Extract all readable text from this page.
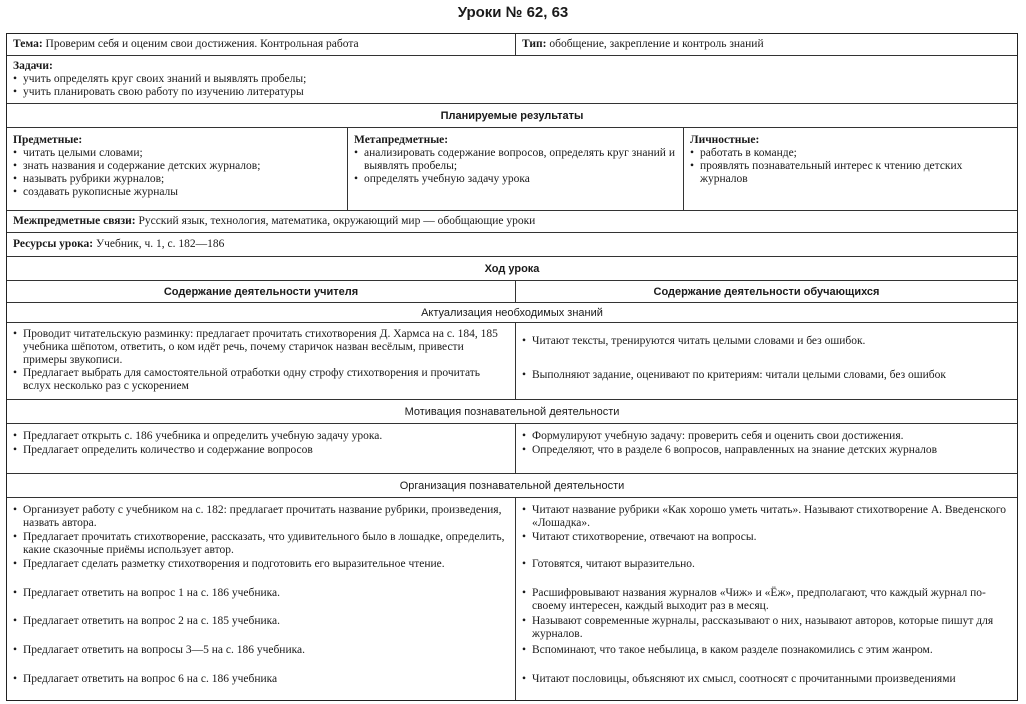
Уроки № 62, 63
Тема: Проверим себя и оценим свои достижения. Контрольная работа	Тип: обобщение, закрепление и контроль знаний
Задачи:
• учить определять круг своих знаний и выявлять пробелы;
• учить планировать свою работу по изучению литературы
Планируемые результаты
Предметные:
• читать целыми словами;
• знать названия и содержание детских журналов;
• называть рубрики журналов;
• создавать рукописные журналы
Метапредметные:
• анализировать содержание вопросов, определять круг знаний и выявлять пробелы;
• определять учебную задачу урока
Личностные:
• работать в команде;
• проявлять познавательный интерес к чтению детских журналов
Межпредметные связи: Русский язык, технология, математика, окружающий мир — обобщающие уроки
Ресурсы урока: Учебник, ч. 1, с. 182—186
Ход урока
Содержание деятельности учителя	Содержание деятельности обучающихся
Актуализация необходимых знаний
• Проводит читательскую разминку: предлагает прочитать стихотворения Д. Хармса на с. 184, 185 учебника шёпотом, ответить, о ком идёт речь, почему старичок назван весёлым, привести примеры звукописи.
• Предлагает выбрать для самостоятельной отработки одну строфу стихотворения и прочитать вслух несколько раз с ускорением
• Читают тексты, тренируются читать целыми словами и без ошибок.
• Выполняют задание, оценивают по критериям: читали целыми словами, без ошибок
Мотивация познавательной деятельности
• Предлагает открыть с. 186 учебника и определить учебную задачу урока.
• Предлагает определить количество и содержание вопросов
• Формулируют учебную задачу: проверить себя и оценить свои достижения.
• Определяют, что в разделе 6 вопросов, направленных на знание детских журналов
Организация познавательной деятельности
• Организует работу с учебником на с. 182: предлагает прочитать название рубрики, произведения, назвать автора.
• Предлагает прочитать стихотворение, рассказать, что удивительного было в лошадке, определить, какие сказочные приёмы использует автор.
• Предлагает сделать разметку стихотворения и подготовить его выразительное чтение.
• Предлагает ответить на вопрос 1 на с. 186 учебника.
• Предлагает ответить на вопрос 2 на с. 185 учебника.
• Предлагает ответить на вопросы 3—5 на с. 186 учебника.
• Предлагает ответить на вопрос 6 на с. 186 учебника
• Читают название рубрики «Как хорошо уметь читать». Называют стихотворение А. Введенского «Лошадка».
• Читают стихотворение, отвечают на вопросы.
• Готовятся, читают выразительно.
• Расшифровывают названия журналов «Чиж» и «Ёж», предполагают, что каждый журнал по-своему интересен, каждый выходит раз в месяц.
• Называют современные журналы, рассказывают о них, называют авторов, которые пишут для журналов.
• Вспоминают, что такое небылица, в каком разделе познакомились с этим жанром.
• Читают пословицы, объясняют их смысл, соотносят с прочитанными произведениями
